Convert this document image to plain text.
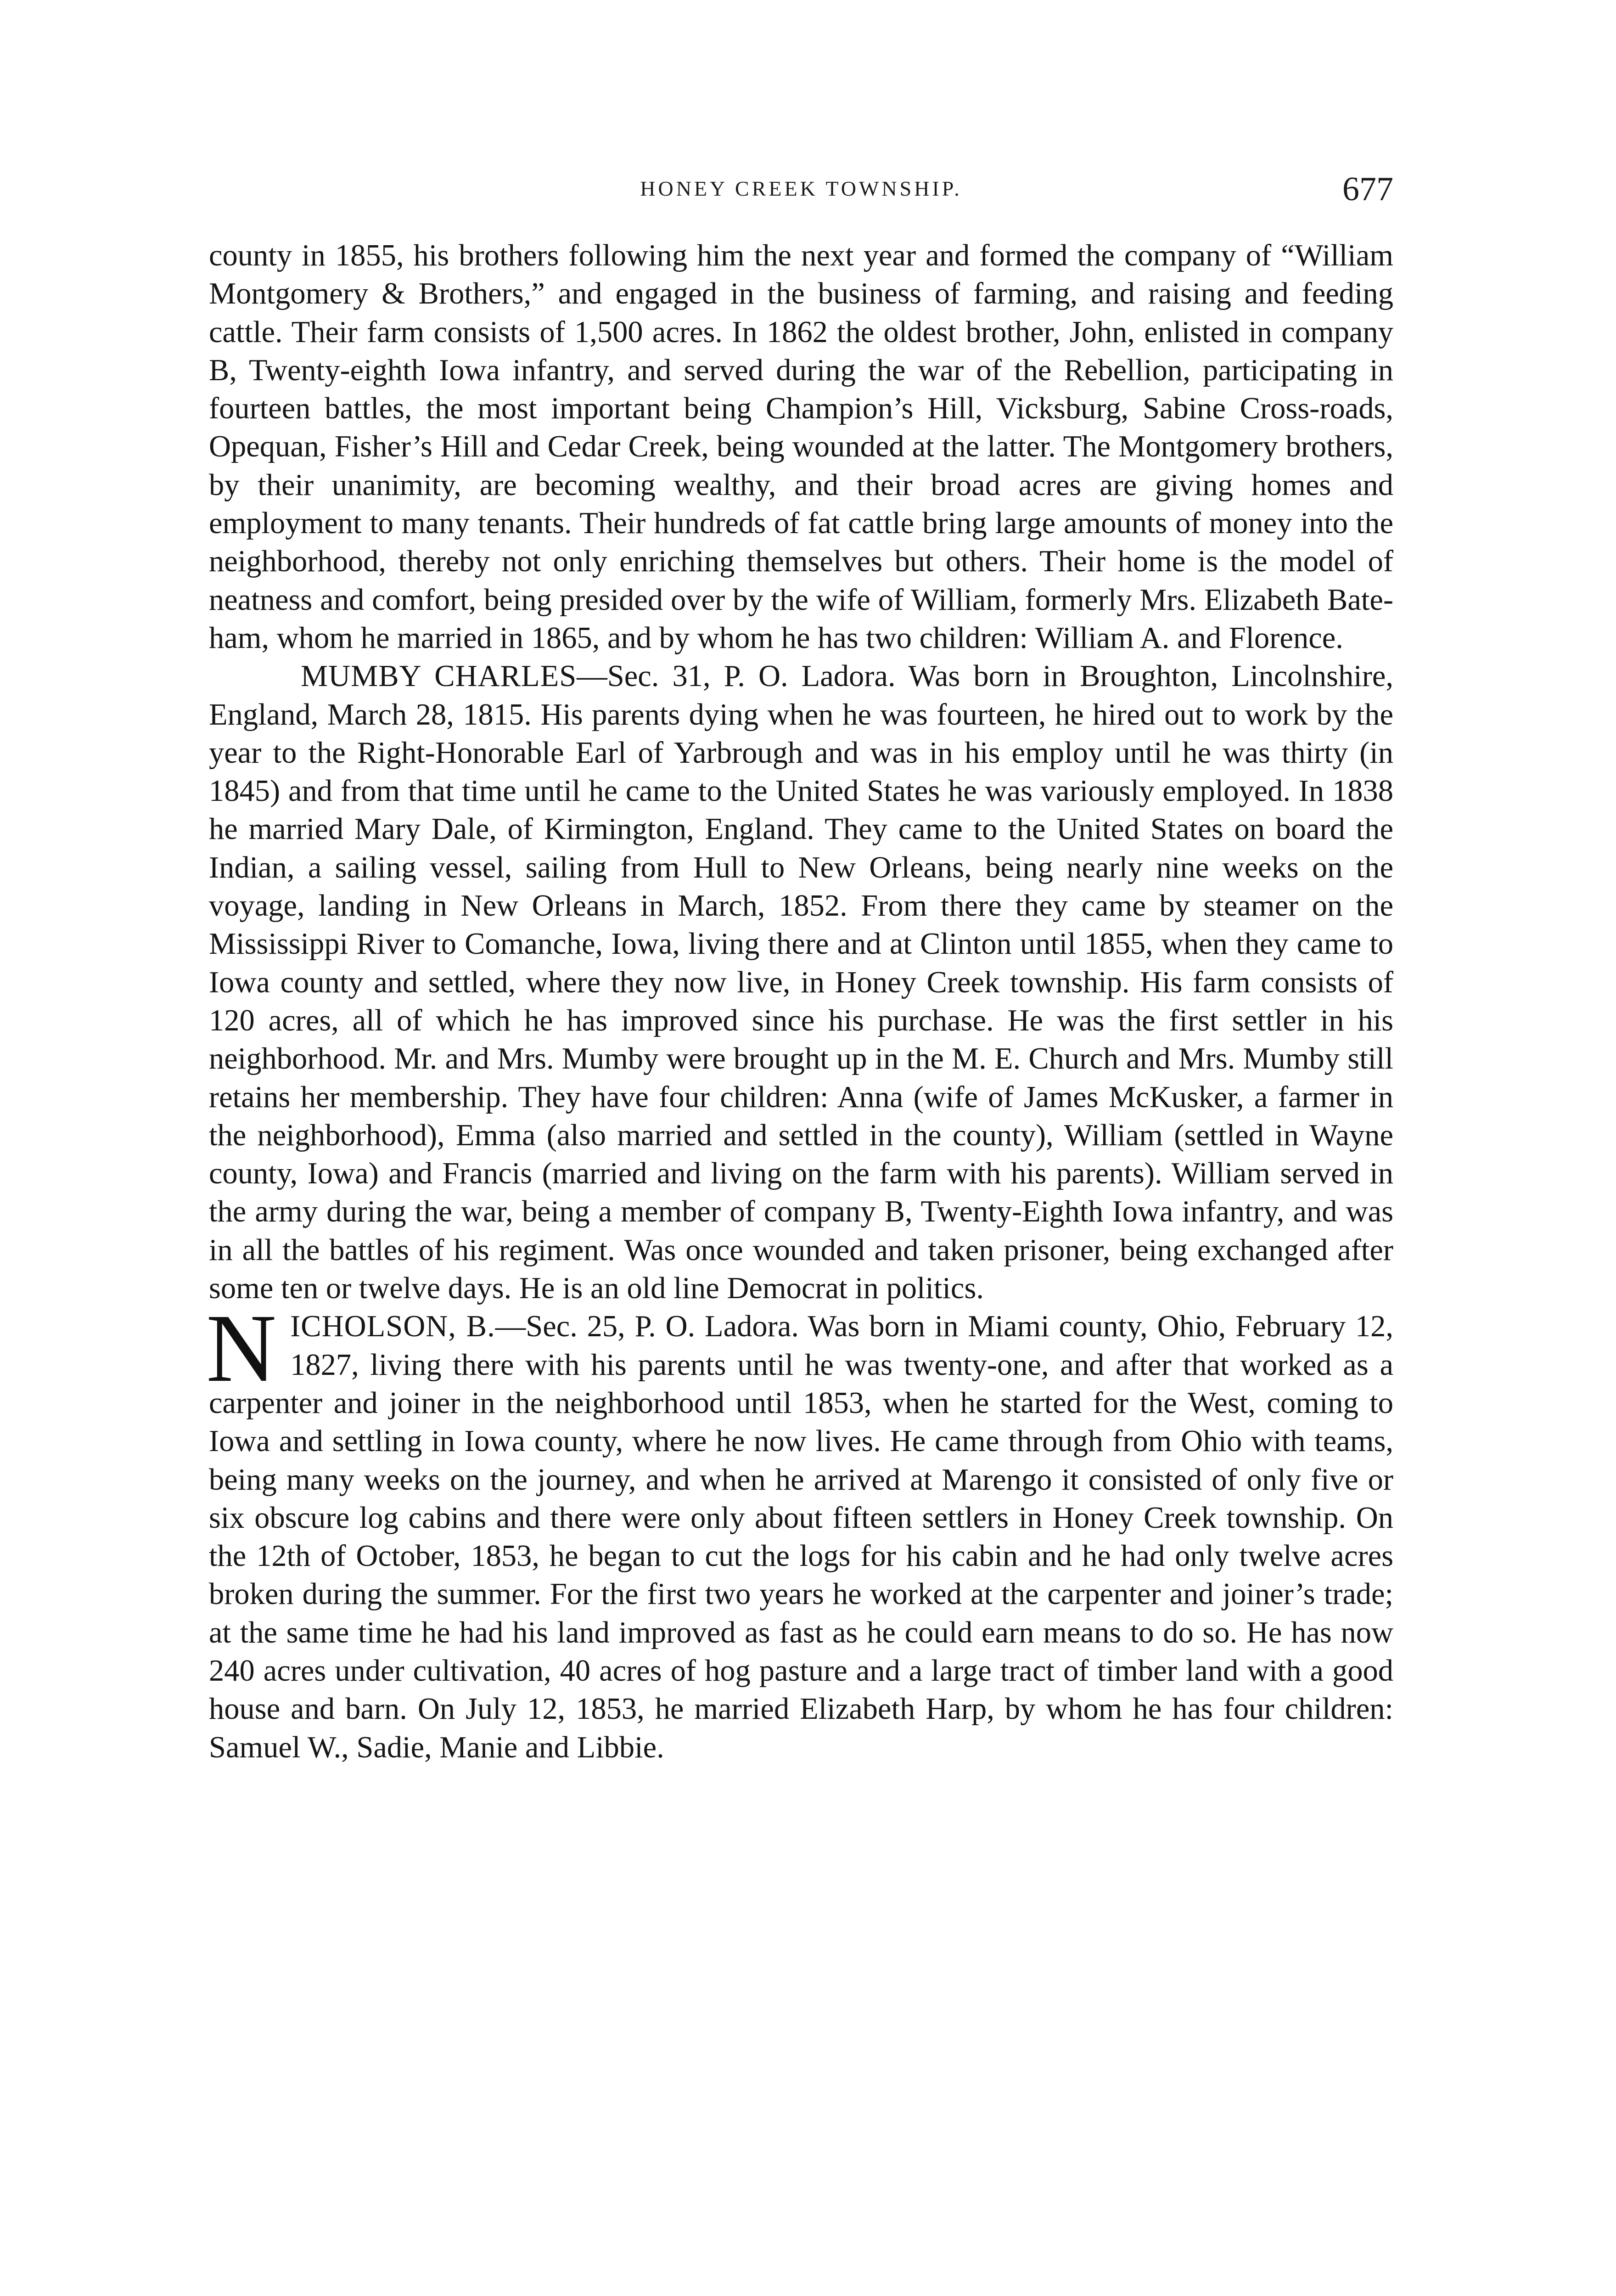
HONEY CREEK TOWNSHIP.	677

county in 1855, his brothers following him the next year and formed the company of “William Montgomery & Brothers,” and engaged in the business of farming, and raising and feeding cattle. Their farm consists of 1,500 acres. In 1862 the oldest brother, John, enlisted in company B, Twenty-eighth Iowa infantry, and served during the war of the Rebellion, participating in fourteen battles, the most important being Champion’s Hill, Vicksburg, Sabine Cross-roads, Opequan, Fisher’s Hill and Cedar Creek, being wounded at the latter. The Montgomery brothers, by their unanimity, are becoming wealthy, and their broad acres are giving homes and employment to many tenants. Their hundreds of fat cattle bring large amounts of money into the neighborhood, thereby not only enriching themselves but others. Their home is the model of neatness and comfort, being presided over by the wife of William, formerly Mrs. Elizabeth Bateham, whom he married in 1865, and by whom he has two children: William A. and Florence.

MUMBY CHARLES—Sec. 31, P. O. Ladora. Was born in Broughton, Lincolnshire, England, March 28, 1815. His parents dying when he was fourteen, he hired out to work by the year to the Right-Honorable Earl of Yarbrough and was in his employ until he was thirty (in 1845) and from that time until he came to the United States he was variously employed. In 1838 he married Mary Dale, of Kirmington, England. They came to the United States on board the Indian, a sailing vessel, sailing from Hull to New Orleans, being nearly nine weeks on the voyage, landing in New Orleans in March, 1852. From there they came by steamer on the Mississippi River to Comanche, Iowa, living there and at Clinton until 1855, when they came to Iowa county and settled, where they now live, in Honey Creek township. His farm consists of 120 acres, all of which he has improved since his purchase. He was the first settler in his neighborhood. Mr. and Mrs. Mumby were brought up in the M. E. Church and Mrs. Mumby still retains her membership. They have four children: Anna (wife of James McKusker, a farmer in the neighborhood), Emma (also married and settled in the county), William (settled in Wayne county, Iowa) and Francis (married and living on the farm with his parents). William served in the army during the war, being a member of company B, Twenty-Eighth Iowa infantry, and was in all the battles of his regiment. Was once wounded and taken prisoner, being exchanged after some ten or twelve days. He is an old line Democrat in politics.

NICHOLSON, B.—Sec. 25, P. O. Ladora. Was born in Miami county, Ohio, February 12, 1827, living there with his parents until he was twenty-one, and after that worked as a carpenter and joiner in the neighborhood until 1853, when he started for the West, coming to Iowa and settling in Iowa county, where he now lives. He came through from Ohio with teams, being many weeks on the journey, and when he arrived at Marengo it consisted of only five or six obscure log cabins and there were only about fifteen settlers in Honey Creek township. On the 12th of October, 1853, he began to cut the logs for his cabin and he had only twelve acres broken during the summer. For the first two years he worked at the carpenter and joiner’s trade; at the same time he had his land improved as fast as he could earn means to do so. He has now 240 acres under cultivation, 40 acres of hog pasture and a large tract of timber land with a good house and barn. On July 12, 1853, he married Elizabeth Harp, by whom he has four children: Samuel W., Sadie, Manie and Libbie.
